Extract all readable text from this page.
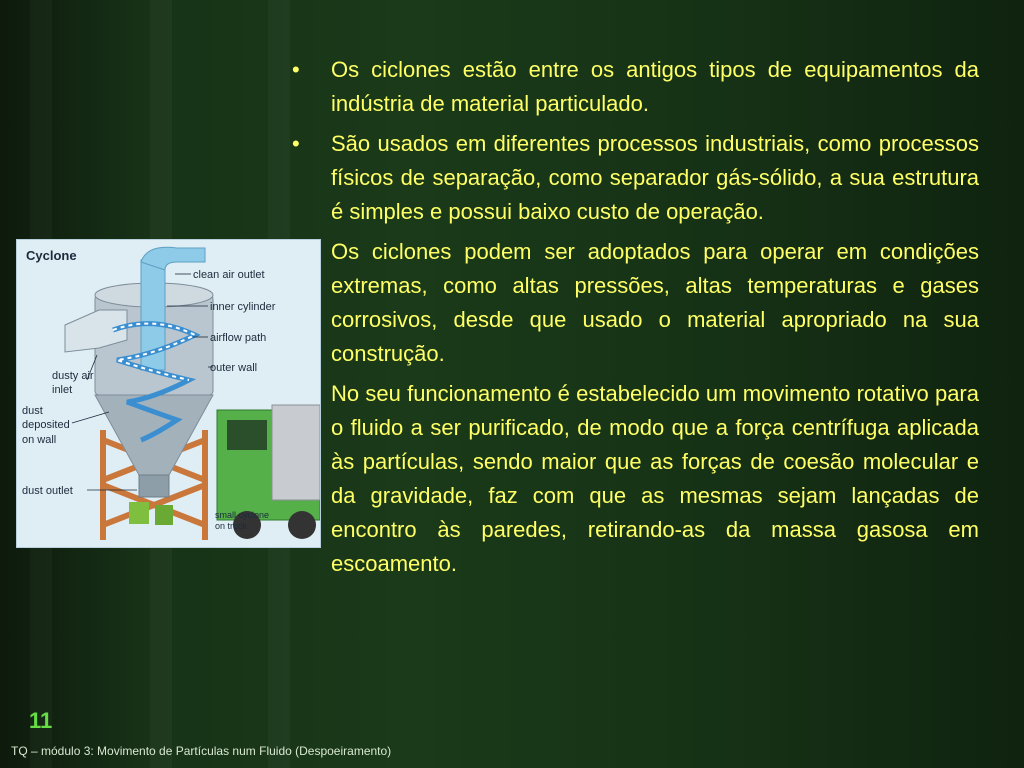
•	Os ciclones estão entre os antigos tipos de equipamentos da indústria de material particulado.

•	São usados em diferentes processos industriais, como processos físicos de separação, como separador gás-sólido, a sua estrutura é simples e possui baixo custo de operação.

Os ciclones podem ser adoptados para operar em condições extremas, como altas pressões, altas temperaturas e gases corrosivos, desde que usado o material apropriado na sua construção.

No seu funcionamento é estabelecido um movimento rotativo para o fluido a ser purificado, de modo que a força centrífuga aplicada às partículas, sendo maior que as forças de coesão molecular e da gravidade, faz com que as mesmas sejam lançadas de encontro às paredes, retirando-as da massa gasosa em escoamento.

Cyclone
clean air outlet
inner cylinder
airflow path
outer wall
dusty air
inlet
dust
deposited
on wall
dust outlet
small cyclone
on truck
11
TQ – módulo 3: Movimento de Partículas num Fluido (Despoeiramento)
